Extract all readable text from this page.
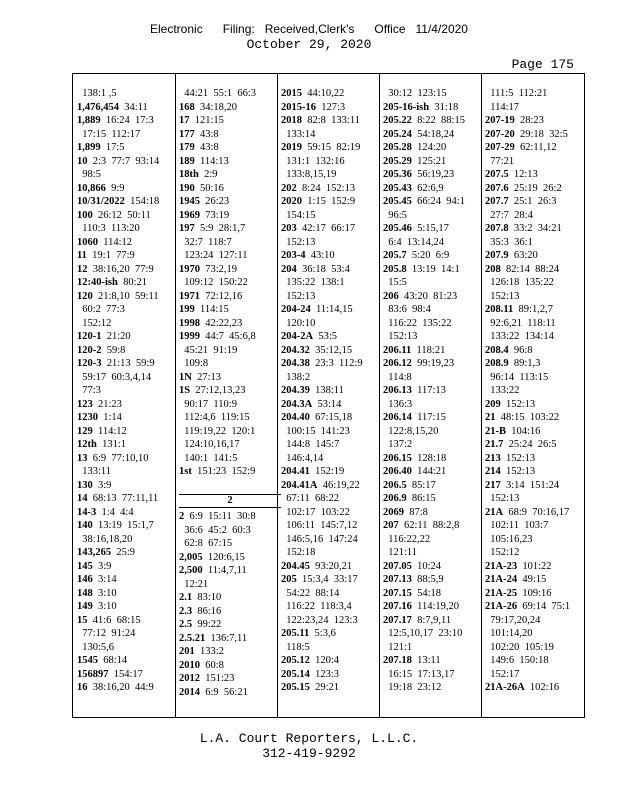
Electronic      Filing:   Received,Clerk's      Office   11/4/2020
October 29, 2020
Page 175
138:1 ,5
1,476,454 34:11
1,889 16:24  17:3
17:15  112:17
1,899 17:5
10 2:3  77:7  93:14
98:5
10,866 9:9
10/31/2022 154:18
100 26:12  50:11
110:3  113:20
1060 114:12
11 19:1  77:9
12 38:16,20  77:9
12:40-ish 80:21
120 21:8,10  59:11
60:2  77:3
152:12
120-1 21:20
120-2 59:8
120-3 21:13  59:9
59:17  60:3,4,14
77:3
123 21:23
1230 1:14
129 114:12
12th 131:1
13 6:9  77:10,10
133:11
130 3:9
14 68:13  77:11,11
14-3 1:4  4:4
140 13:19  15:1,7
38:16,18,20
143,265 25:9
145 3:9
146 3:14
148 3:10
149 3:10
15 41:6  68:15
77:12  91:24
130:5,6
1545 68:14
156897 154:17
16 38:16,20  44:9
44:21  55:1  66:3
168 34:18,20
17 121:15
177 43:8
179 43:8
189 114:13
18th 2:9
190 50:16
1945 26:23
1969 73:19
197 5:9  28:1,7
32:7  118:7
123:24  127:11
1970 73:2,19
109:12  150:22
1971 72:12,16
199 114:15
1998 42:22,23
1999 44:7  45:6,8
45:21  91:19
109:8
1N 27:13
1S 27:12,13,23
90:17  110:9
112:4,6  119:15
119:19,22  120:1
124:10,16,17
140:1  141:5
1st 151:23  152:9

2
2 6:9  15:11  30:8
36:6  45:2  60:3
62:8  67:15
2,005 120:6,15
2,500 11:4,7,11
12:21
2.1 83:10
2.3 86:16
2.5 99:22
2.5.21 136:7,11
201 133:2
2010 60:8
2012 151:23
2014 6:9  56:21
2015 44:10,22
2015-16 127:3
2018 82:8  133:11
133:14
2019 59:15  82:19
131:1  132:16
133:8,15,19
202 8:24  152:13
2020 1:15  152:9
154:15
203 42:17  66:17
152:13
203-4 43:10
204 36:18  53:4
135:22  138:1
152:13
204-24 11:14,15
120:10
204-2A 53:5
204.32 35:12,15
204.38 23:3  112:9
138:2
204.39 138:11
204.3A 53:14
204.40 67:15,18
100:15  141:23
144:8  145:7
146:4,14
204.41 152:19
204.41A 46:19,22
67:11  68:22
102:17  103:22
106:11  145:7,12
146:5,16  147:24
152:18
204.45 93:20,21
205 15:3,4  33:17
54:22  88:14
116:22  118:3,4
122:23,24  123:3
205.11 5:3,6
118:5
205.12 120:4
205.14 123:3
205.15 29:21
30:12  123:15
205-16-ish 31:18
205.22 8:22  88:15
205.24 54:18,24
205.28 124:20
205.29 125:21
205.36 56:19,23
205.43 62:6,9
205.45 66:24  94:1
96:5
205.46 5:15,17
6:4  13:14,24
205.7 5:20  6:9
205.8 13:19  14:1
15:5
206 43:20  81:23
83:6  98:4
116:22  135:22
152:13
206.11 118:21
206.12 99:19,23
114:8
206.13 117:13
136:3
206.14 117:15
122:8,15,20
137:2
206.15 128:18
206.40 144:21
206.5 85:17
206.9 86:15
2069 87:8
207 62:11  88:2,8
116:22,22
121:11
207.05 10:24
207.13 88:5,9
207.15 54:18
207.16 114:19,20
207.17 8:7,9,11
12:5,10,17  23:10
121:1
207.18 13:11
16:15  17:13,17
19:18  23:12
111:5  112:21
114:17
207-19 28:23
207-20 29:18  32:5
207-29 62:11,12
77:21
207.5 12:13
207.6 25:19  26:2
207.7 25:1  26:3
27:7  28:4
207.8 33:2  34:21
35:3  36:1
207.9 63:20
208 82:14  88:24
126:18  135:22
152:13
208.11 89:1,2,7
92:6,21  118:11
133:22  134:14
208.4 96:8
208.9 89:1,3
96:14  113:15
133:22
209 152:13
21 48:15  103:22
21-B 104:16
21.7 25:24  26:5
213 152:13
214 152:13
217 3:14  151:24
152:13
21A 68:9  70:16,17
102:11  103:7
105:16,23
152:12
21A-23 101:22
21A-24 49:15
21A-25 109:16
21A-26 69:14  75:1
79:17,20,24
101:14,20
102:20  105:19
149:6  150:18
152:17
21A-26A 102:16
L.A. Court Reporters, L.L.C.
312-419-9292
